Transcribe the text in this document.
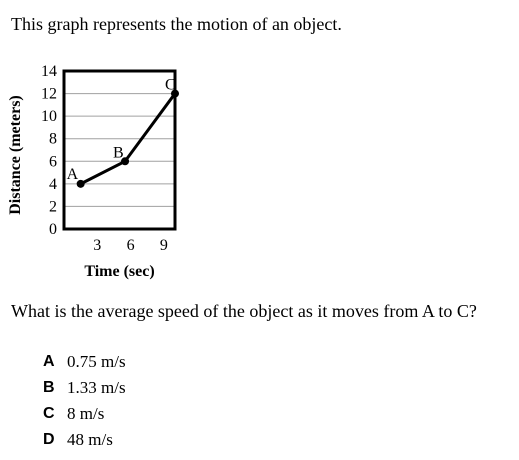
This graph represents the motion of an object.

0
2
4
6
8
10
12
14
3 6 9
A
B
C
Distance (meters)
Time (sec)

What is the average speed of the object as it moves from A to C?

A 0.75 m/s
B 1.33 m/s
C 8 m/s
D 48 m/s
